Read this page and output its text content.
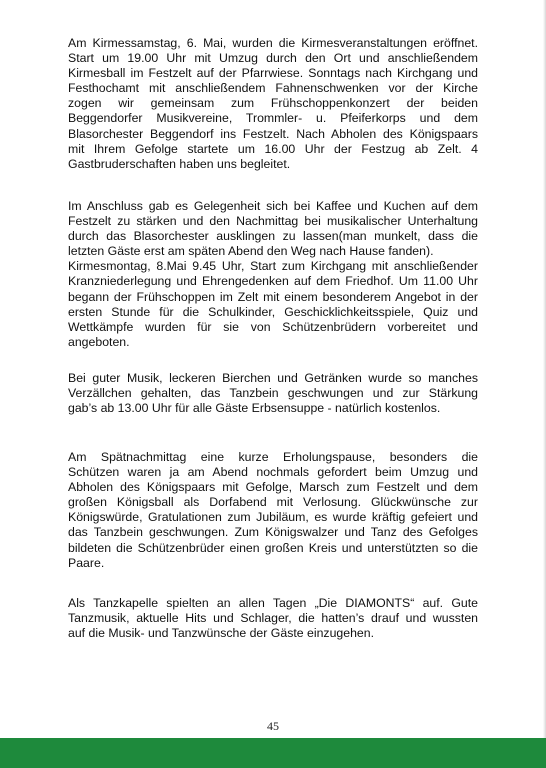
Am Kirmessamstag, 6. Mai, wurden die Kirmesveranstaltungen eröffnet.
Start um 19.00 Uhr mit Umzug durch den Ort und anschließendem
Kirmesball im Festzelt auf der Pfarrwiese. Sonntags nach Kirchgang und
Festhochamt mit anschließendem Fahnenschwenken vor der Kirche
zogen wir gemeinsam zum Frühschoppenkonzert der beiden
Beggendorfer Musikvereine, Trommler- u. Pfeiferkorps und dem
Blasorchester Beggendorf ins Festzelt. Nach Abholen des Königspaars
mit Ihrem Gefolge startete um 16.00 Uhr der Festzug ab Zelt. 4
Gastbruderschaften haben uns begleitet.
Im Anschluss gab es Gelegenheit sich bei Kaffee und Kuchen auf dem
Festzelt zu stärken und den Nachmittag bei musikalischer Unterhaltung
durch das Blasorchester ausklingen zu lassen(man munkelt, dass die
letzten Gäste erst am späten Abend den Weg nach Hause fanden).
Kirmesmontag, 8.Mai 9.45 Uhr, Start zum Kirchgang mit anschließender
Kranzniederlegung und Ehrengedenken auf dem Friedhof. Um 11.00 Uhr
begann der Frühschoppen im Zelt mit einem besonderem Angebot in der
ersten Stunde für die Schulkinder, Geschicklichkeitsspiele, Quiz und
Wettkämpfe wurden für sie von Schützenbrüdern vorbereitet und
angeboten.
Bei guter Musik, leckeren Bierchen und Getränken wurde so manches
Verzällchen gehalten, das Tanzbein geschwungen und zur Stärkung
gab’s ab 13.00 Uhr für alle Gäste Erbsensuppe - natürlich kostenlos.
Am Spätnachmittag eine kurze Erholungspause, besonders die
Schützen waren ja am Abend nochmals gefordert beim Umzug und
Abholen des Königspaars mit Gefolge, Marsch zum Festzelt und dem
großen Königsball als Dorfabend mit Verlosung. Glückwünsche zur
Königswürde, Gratulationen zum Jubiläum, es wurde kräftig gefeiert und
das Tanzbein geschwungen. Zum Königswalzer und Tanz des Gefolges
bildeten die Schützenbrüder einen großen Kreis und unterstützten so die
Paare.
Als Tanzkapelle spielten an allen Tagen „Die DIAMONTS“ auf. Gute
Tanzmusik, aktuelle Hits und Schlager, die hatten’s drauf und wussten
auf die Musik- und Tanzwünsche der Gäste einzugehen.
45
